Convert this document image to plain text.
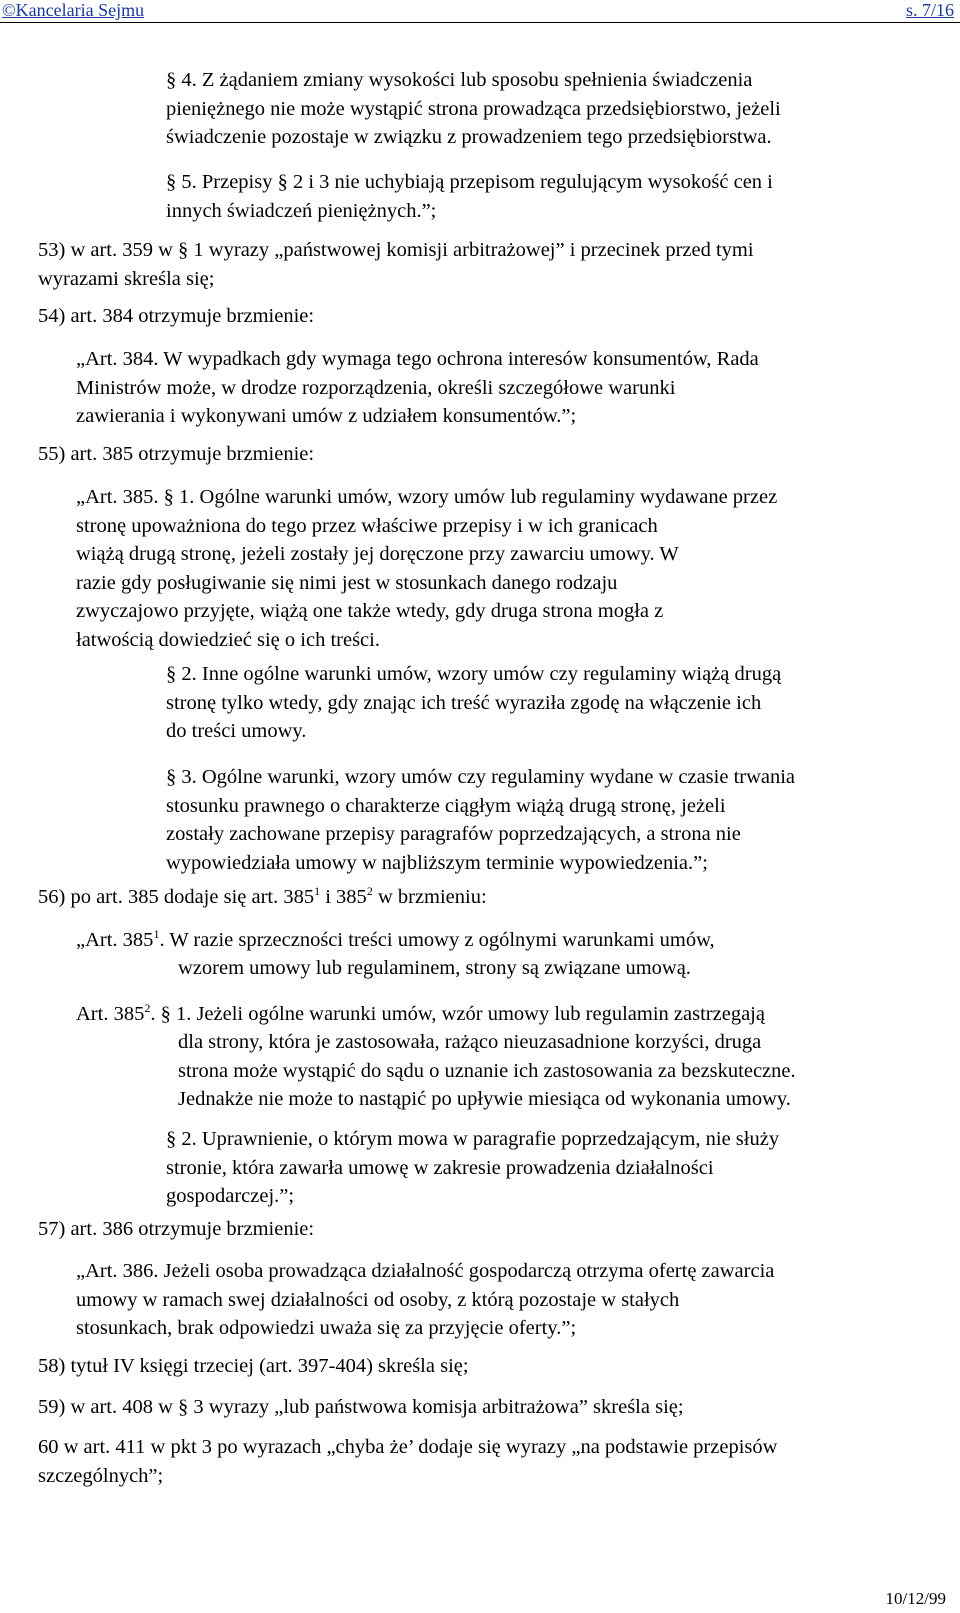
©Kancelaria Sejmu	s. 7/16
§ 4. Z żądaniem zmiany wysokości lub sposobu spełnienia świadczenia
pieniężnego nie może wystąpić strona prowadząca przedsiębiorstwo, jeżeli
świadczenie pozostaje w związku z prowadzeniem tego przedsiębiorstwa.
§ 5. Przepisy § 2 i 3 nie uchybiają przepisom regulującym wysokość cen i
innych świadczeń pieniężnych.”;
53) w art. 359 w § 1 wyrazy „państwowej komisji arbitrażowej” i przecinek przed tymi
wyrazami skreśla się;
54) art. 384 otrzymuje brzmienie:
„Art. 384. W wypadkach gdy wymaga tego ochrona interesów konsumentów, Rada
Ministrów może, w drodze rozporządzenia, określi szczegółowe warunki
zawierania i wykonywani umów z udziałem konsumentów.”;
55) art. 385 otrzymuje brzmienie:
„Art. 385. § 1. Ogólne warunki umów, wzory umów lub regulaminy wydawane przez
stronę upoważniona do tego przez właściwe przepisy i w ich granicach
wiążą drugą stronę, jeżeli zostały jej doręczone przy zawarciu umowy. W
razie gdy posługiwanie się nimi jest w stosunkach danego rodzaju
zwyczajowo przyjęte, wiążą one także wtedy, gdy druga strona mogła z
łatwością dowiedzieć się o ich treści.
§ 2. Inne ogólne warunki umów, wzory umów czy regulaminy wiążą drugą
stronę tylko wtedy, gdy znając ich treść wyraziła zgodę na włączenie ich
do treści umowy.
§ 3. Ogólne warunki, wzory umów czy regulaminy wydane w czasie trwania
stosunku prawnego o charakterze ciągłym wiążą drugą stronę, jeżeli
zostały zachowane przepisy paragrafów poprzedzających, a strona nie
wypowiedziała umowy w najbliższym terminie wypowiedzenia.”;
56) po art. 385 dodaje się art. $385^1$ i $385^2$ w brzmieniu:
„Art. $385^1$. W razie sprzeczności treści umowy z ogólnymi warunkami umów,
wzorem umowy lub regulaminem, strony są związane umową.
Art. $385^2$. § 1. Jeżeli ogólne warunki umów, wzór umowy lub regulamin zastrzegają
dla strony, która je zastosowała, rażąco nieuzasadnione korzyści, druga
strona może wystąpić do sądu o uznanie ich zastosowania za bezskuteczne.
Jednakże nie może to nastąpić po upływie miesiąca od wykonania umowy.
§ 2. Uprawnienie, o którym mowa w paragrafie poprzedzającym, nie służy
stronie, która zawarła umowę w zakresie prowadzenia działalności
gospodarczej.”;
57) art. 386 otrzymuje brzmienie:
„Art. 386. Jeżeli osoba prowadząca działalność gospodarczą otrzyma ofertę zawarcia
umowy w ramach swej działalności od osoby, z którą pozostaje w stałych
stosunkach, brak odpowiedzi uważa się za przyjęcie oferty.”;
58) tytuł IV księgi trzeciej (art. 397-404) skreśla się;
59) w art. 408 w § 3 wyrazy „lub państwowa komisja arbitrażowa” skreśla się;
60 w art. 411 w pkt 3 po wyrazach „chyba że’ dodaje się wyrazy „na podstawie przepisów
szczególnych”;
10/12/99
